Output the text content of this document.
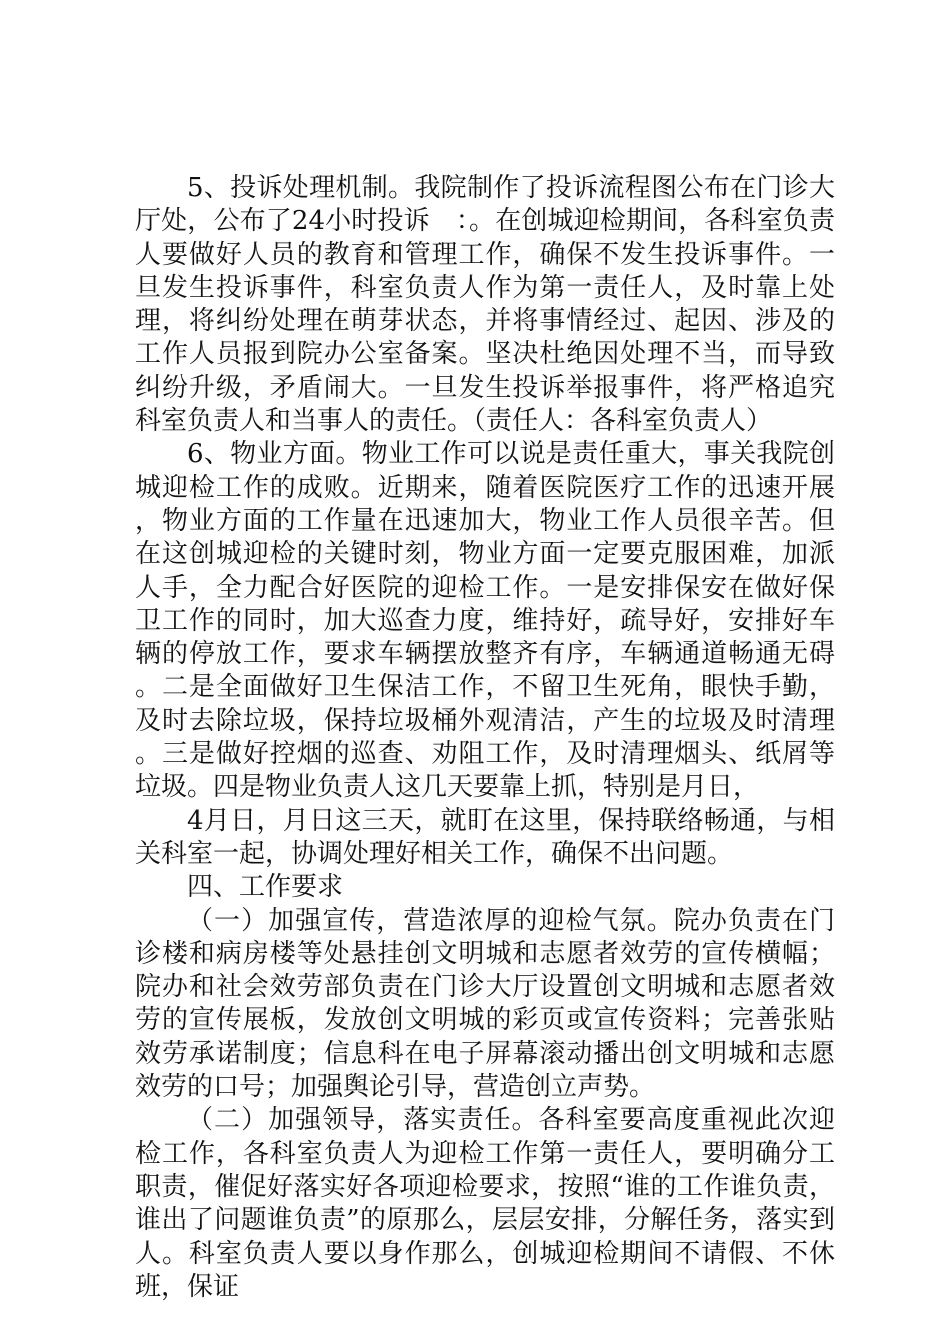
5、投诉处理机制。我院制作了投诉流程图公布在门诊大厅处，公布了24小时投诉　：。在创城迎检期间，各科室负责人要做好人员的教育和管理工作，确保不发生投诉事件。一旦发生投诉事件，科室负责人作为第一责任人，及时靠上处理，将纠纷处理在萌芽状态，并将事情经过、起因、涉及的工作人员报到院办公室备案。坚决杜绝因处理不当，而导致纠纷升级，矛盾闹大。一旦发生投诉举报事件，将严格追究科室负责人和当事人的责任。（责任人：各科室负责人）

6、物业方面。物业工作可以说是责任重大，事关我院创城迎检工作的成败。近期来，随着医院医疗工作的迅速开展，物业方面的工作量在迅速加大，物业工作人员很辛苦。但在这创城迎检的关键时刻，物业方面一定要克服困难，加派人手，全力配合好医院的迎检工作。一是安排保安在做好保卫工作的同时，加大巡查力度，维持好，疏导好，安排好车辆的停放工作，要求车辆摆放整齐有序，车辆通道畅通无碍。二是全面做好卫生保洁工作，不留卫生死角，眼快手勤，及时去除垃圾，保持垃圾桶外观清洁，产生的垃圾及时清理。三是做好控烟的巡查、劝阻工作，及时清理烟头、纸屑等垃圾。四是物业负责人这几天要靠上抓，特别是月日，

4月日，月日这三天，就盯在这里，保持联络畅通，与相关科室一起，协调处理好相关工作，确保不出问题。

四、工作要求

（一）加强宣传，营造浓厚的迎检气氛。院办负责在门诊楼和病房楼等处悬挂创文明城和志愿者效劳的宣传横幅；院办和社会效劳部负责在门诊大厅设置创文明城和志愿者效劳的宣传展板，发放创文明城的彩页或宣传资料；完善张贴效劳承诺制度；信息科在电子屏幕滚动播出创文明城和志愿效劳的口号；加强舆论引导，营造创立声势。

（二）加强领导，落实责任。各科室要高度重视此次迎检工作，各科室负责人为迎检工作第一责任人，要明确分工职责，催促好落实好各项迎检要求，按照“谁的工作谁负责，谁出了问题谁负责”的原那么，层层安排，分解任务，落实到人。科室负责人要以身作那么，创城迎检期间不请假、不休班，保证
